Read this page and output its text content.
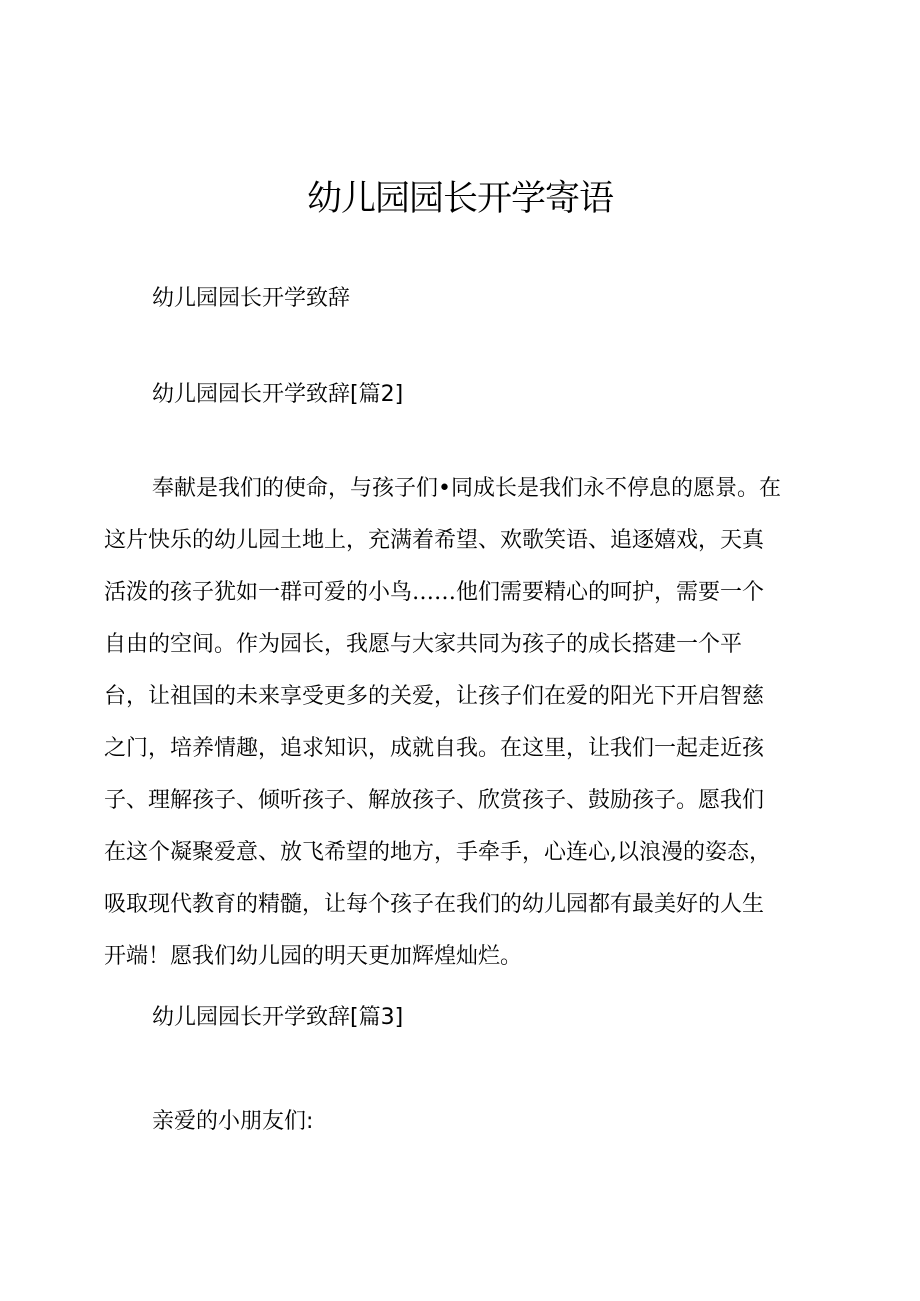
幼儿园园长开学寄语

幼儿园园长开学致辞

幼儿园园长开学致辞[篇2]

奉献是我们的使命，与孩子们•同成长是我们永不停息的愿景。在

这片快乐的幼儿园土地上，充满着希望、欢歌笑语、追逐嬉戏，天真

活泼的孩子犹如一群可爱的小鸟……他们需要精心的呵护，需要一个

自由的空间。作为园长，我愿与大家共同为孩子的成长搭建一个平

台，让祖国的未来享受更多的关爱，让孩子们在爱的阳光下开启智慈

之门，培养情趣，追求知识，成就自我。在这里，让我们一起走近孩

子、理解孩子、倾听孩子、解放孩子、欣赏孩子、鼓励孩子。愿我们

在这个凝聚爱意、放飞希望的地方，手牵手，心连心,以浪漫的姿态，

吸取现代教育的精髓，让每个孩子在我们的幼儿园都有最美好的人生

开端！愿我们幼儿园的明天更加辉煌灿烂。

幼儿园园长开学致辞[篇3]

亲爱的小朋友们:
